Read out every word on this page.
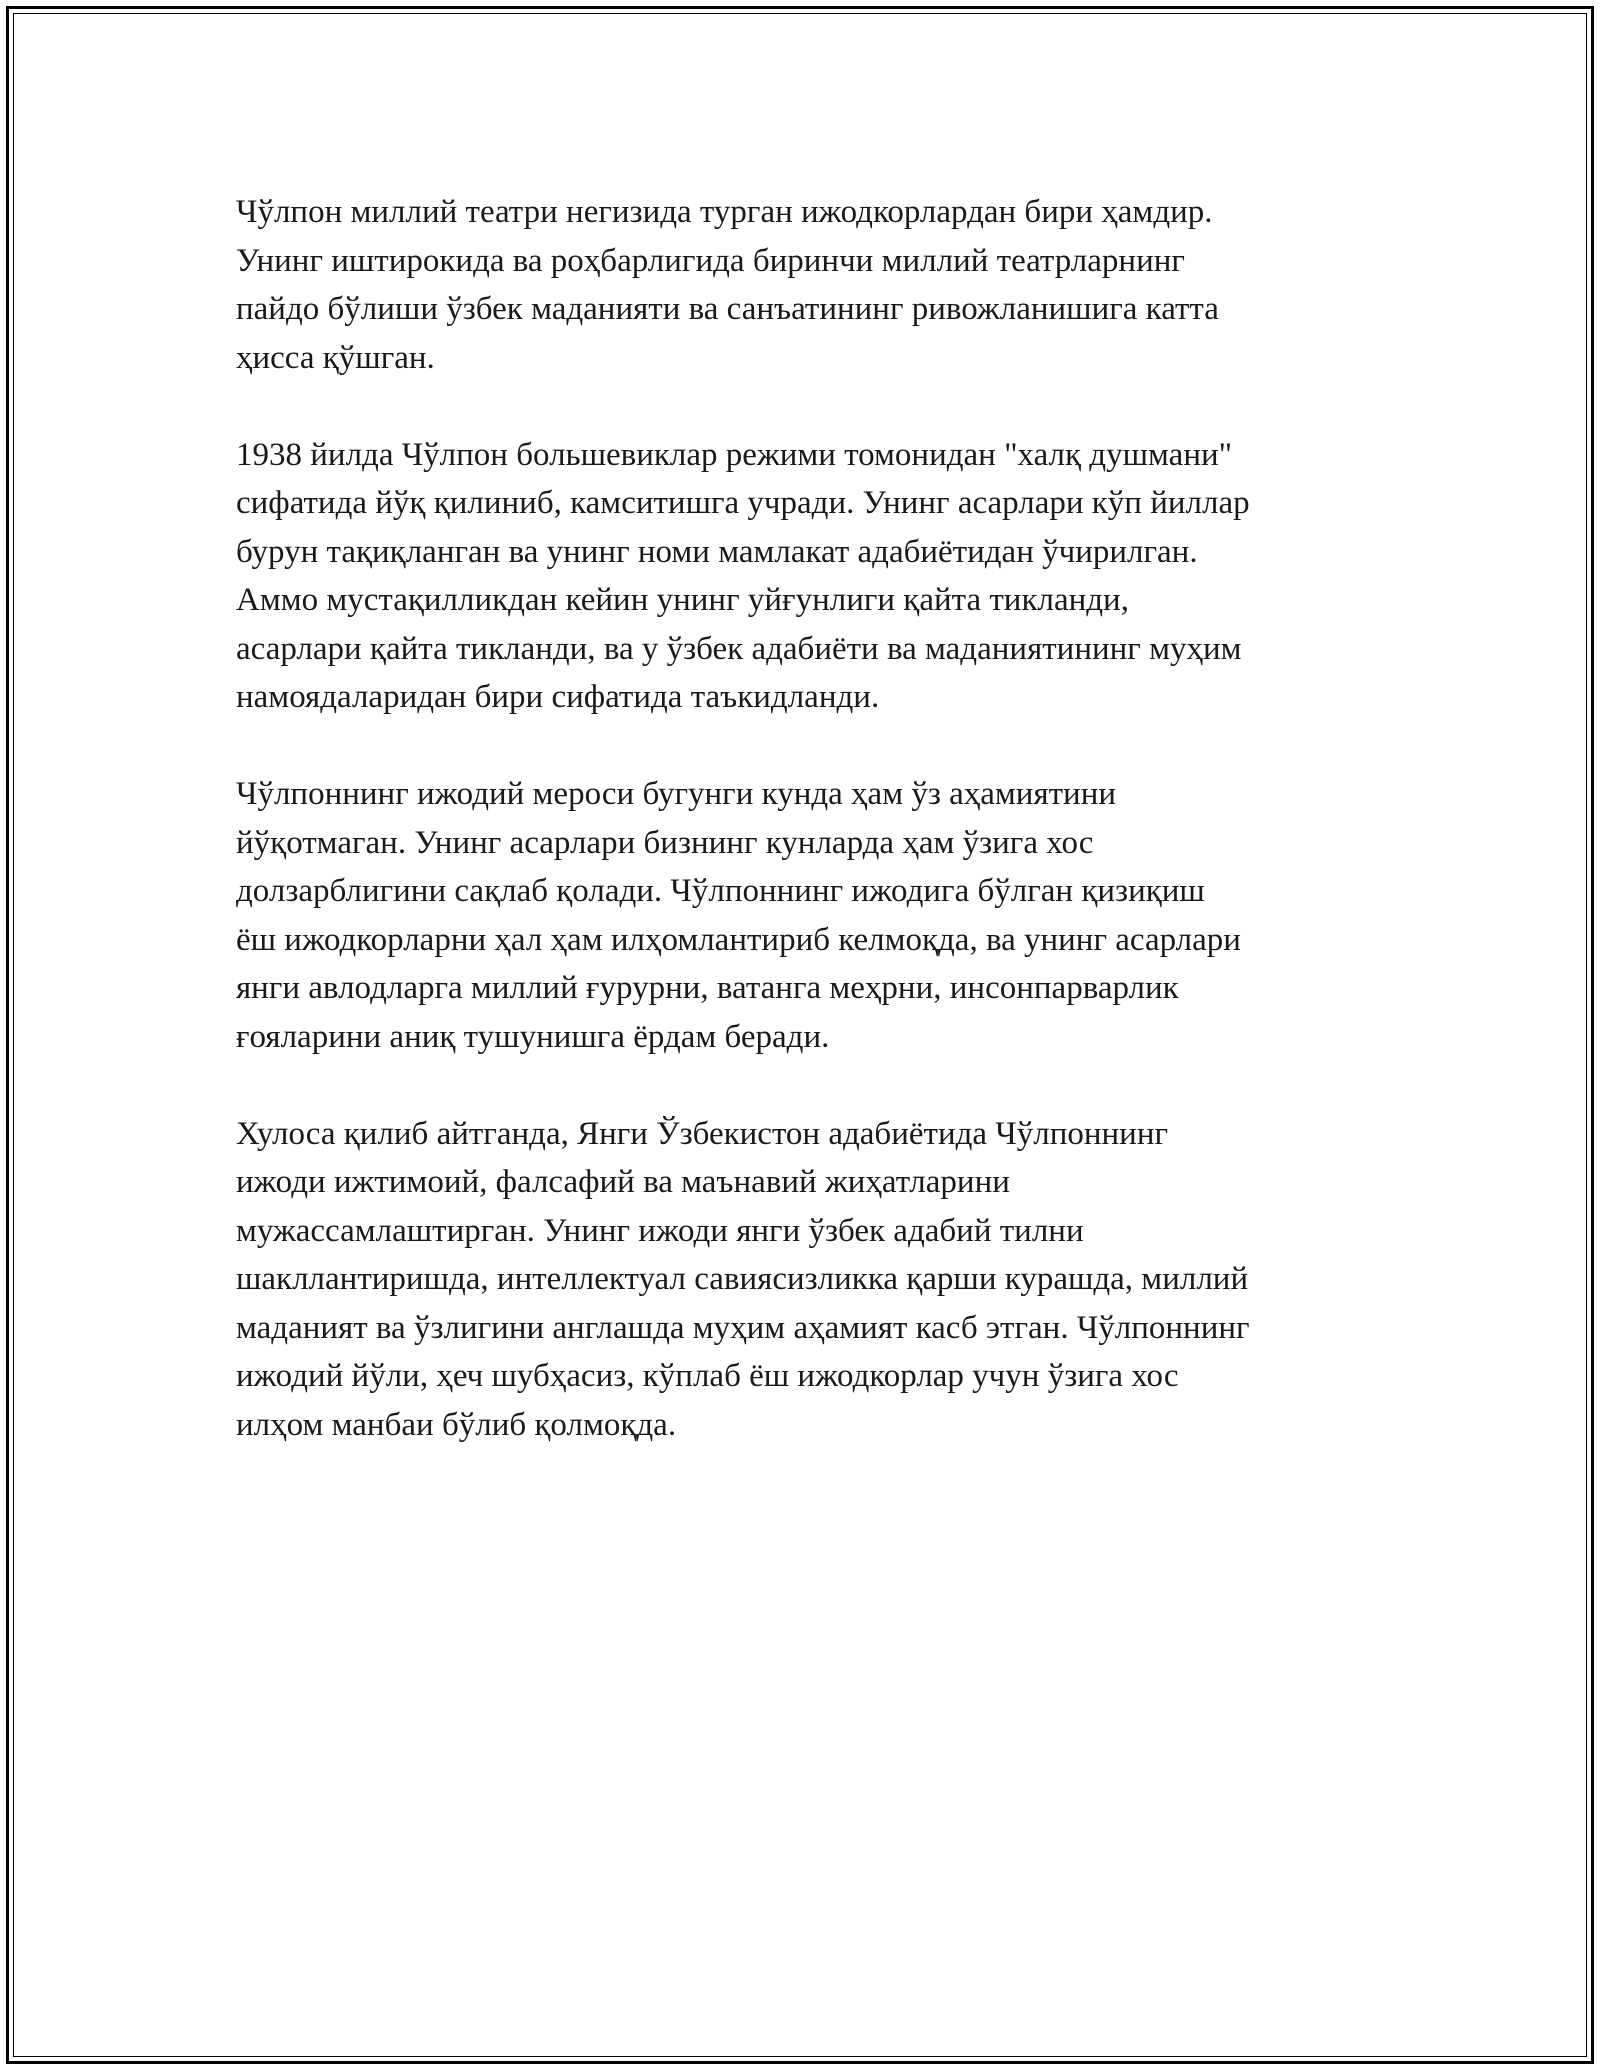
Чўлпон миллий театри негизида турган ижодкорлардан бири ҳамдир.
Унинг иштирокида ва роҳбарлигида биринчи миллий театрларнинг
пайдо бўлиши ўзбек маданияти ва санъатининг ривожланишига катта
ҳисса қўшган.

1938 йилда Чўлпон большевиклар режими томонидан "халқ душмани"
сифатида йўқ қилиниб, камситишга учради. Унинг асарлари кўп йиллар
бурун тақиқланган ва унинг номи мамлакат адабиётидан ўчирилган.
Аммо мустақилликдан кейин унинг уйғунлиги қайта тикланди,
асарлари қайта тикланди, ва у ўзбек адабиёти ва маданиятининг муҳим
намоядаларидан бири сифатида таъкидланди.

Чўлпоннинг ижодий мероси бугунги кунда ҳам ўз аҳамиятини
йўқотмаган. Унинг асарлари бизнинг кунларда ҳам ўзига хос
долзарблигини сақлаб қолади. Чўлпоннинг ижодига бўлган қизиқиш
ёш ижодкорларни ҳал ҳам илҳомлантириб келмоқда, ва унинг асарлари
янги авлодларга миллий ғурурни, ватанга меҳрни, инсонпарварлик
ғояларини аниқ тушунишга ёрдам беради.

Хулоса қилиб айтганда, Янги Ўзбекистон адабиётида Чўлпоннинг
ижоди ижтимоий, фалсафий ва маънавий жиҳатларини
мужассамлаштирган. Унинг ижоди янги ўзбек адабий тилни
шакллантиришда, интеллектуал савиясизликка қарши курашда, миллий
маданият ва ўзлигини англашда муҳим аҳамият касб этган. Чўлпоннинг
ижодий йўли, ҳеч шубҳасиз, кўплаб ёш ижодкорлар учун ўзига хос
илҳом манбаи бўлиб қолмоқда.
